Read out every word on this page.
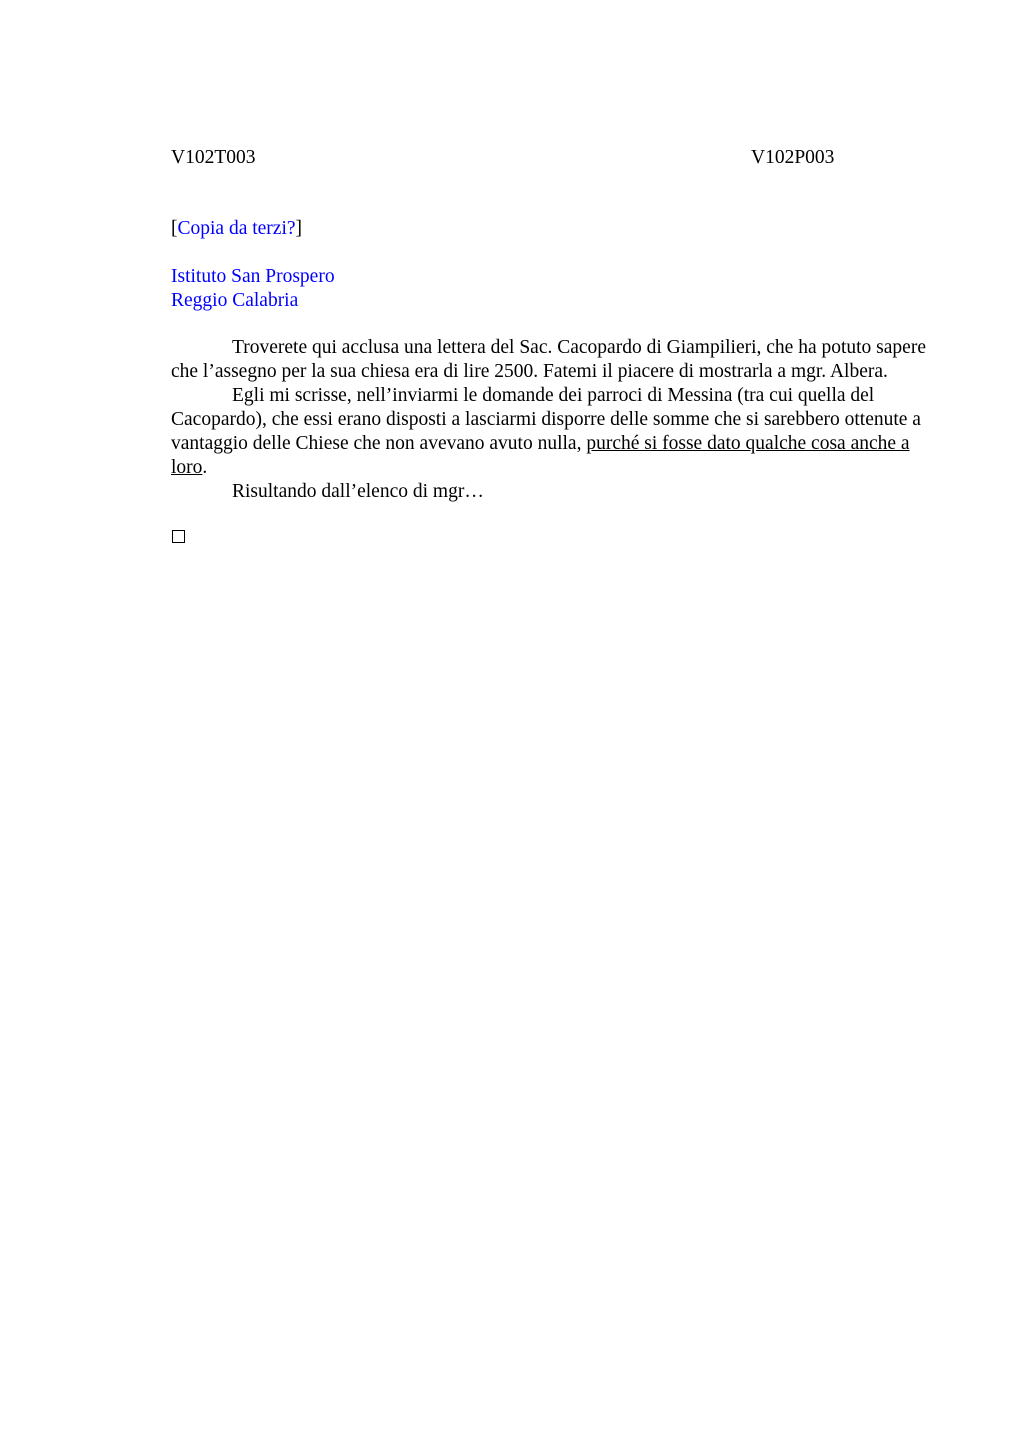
V102T003	V102P003
[Copia da terzi?]
Istituto San Prospero
Reggio Calabria

Troverete qui acclusa una lettera del Sac. Cacopardo di Giampilieri, che ha potuto sapere che l’assegno per la sua chiesa era di lire 2500. Fatemi il piacere di mostrarla a mgr. Albera.

Egli mi scrisse, nell’inviarmi le domande dei parroci di Messina (tra cui quella del Cacopardo), che essi erano disposti a lasciarmi disporre delle somme che si sarebbero ottenute a vantaggio delle Chiese che non avevano avuto nulla, purché si fosse dato qualche cosa anche a loro.

Risultando dall’elenco di mgr…
